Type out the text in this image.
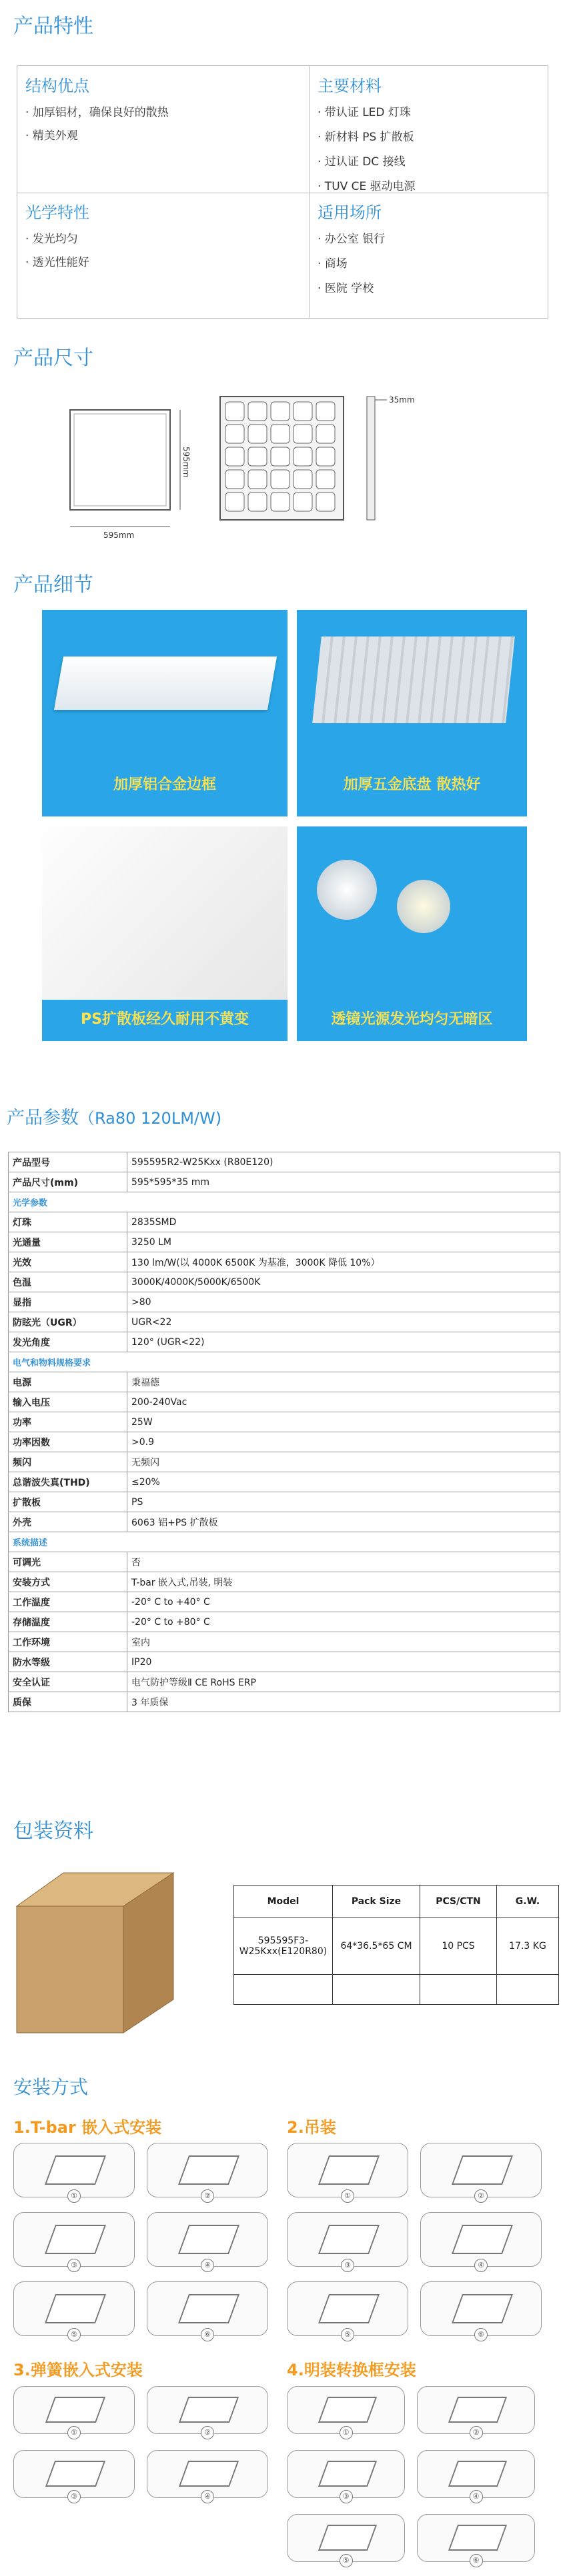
产品特性
结构优点
· 加厚铝材，确保良好的散热
· 精美外观
主要材料
· 带认证 LED 灯珠
· 新材料 PS 扩散板
· 过认证 DC 接线
· TUV CE 驱动电源
光学特性
· 发光均匀
· 透光性能好
适用场所
· 办公室 银行
· 商场
· 医院 学校
产品尺寸
595mm
595mm
35mm
产品细节
加厚铝合金边框	加厚五金底盘 散热好
PS扩散板经久耐用不黄变	透镜光源发光均匀无暗区
产品参数（Ra80 120LM/W)
产品型号	595595R2-W25Kxx (R80E120)
产品尺寸(mm)	595*595*35 mm
光学参数	
灯珠	2835SMD
光通量	3250 LM
光效	130 lm/W(以 4000K 6500K 为基准，3000K 降低 10%）
色温	3000K/4000K/5000K/6500K
显指	>80
防眩光（UGR）	UGR<22
发光角度	120° (UGR<22)
电气和物料规格要求	
电源	秉福德
输入电压	200-240Vac
功率	25W
功率因数	>0.9
频闪	无频闪
总谐波失真(THD)	≤20%
扩散板	PS
外壳	6063 铝+PS 扩散板
系统描述	
可调光	否
安装方式	T-bar 嵌入式,吊装, 明装
工作温度	-20° C to +40° C
存储温度	-20° C to +80° C
工作环境	室内
防水等级	IP20
安全认证	电气防护等级Ⅱ CE RoHS ERP
质保	3 年质保
包装资料
Model	Pack Size	PCS/CTN	G.W.
595595F3-W25Kxx(E120R80)	64*36.5*65 CM	10 PCS	17.3 KG

安装方式
1.T-bar 嵌入式安装	2.吊装
3.弹簧嵌入式安装	4.明装转换框安装
①	②
③	④
⑤	⑥
①	②
③	④
⑤	⑥
①	②
③	④
①	②
③	④
⑤	⑥
